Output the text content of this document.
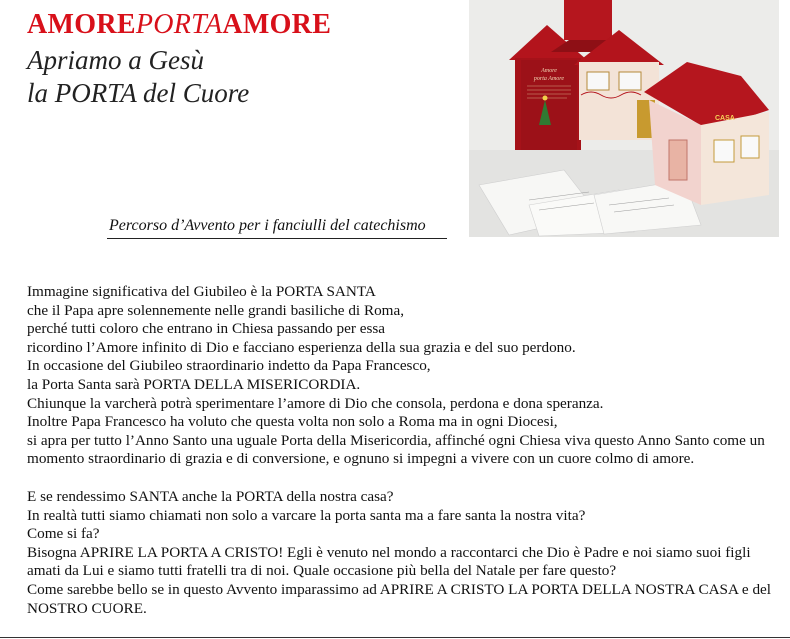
AMOREPORTAAMORE
Apriamo a Gesù
la PORTA del Cuore
Percorso d’Avvento per i fanciulli del catechismo
Amore
porta Amore
CASA

Immagine significativa del Giubileo è la PORTA SANTA

che il Papa apre solennemente nelle grandi basiliche di Roma,

perché tutti coloro che entrano in Chiesa passando per essa

ricordino l’Amore infinito di Dio e facciano esperienza della sua grazia e del suo perdono.

In occasione del Giubileo straordinario indetto da Papa Francesco,

la Porta Santa sarà PORTA DELLA MISERICORDIA.

Chiunque la varcherà potrà sperimentare l’amore di Dio che consola, perdona e dona speranza.

Inoltre Papa Francesco ha voluto che questa volta non solo a Roma ma in ogni Diocesi,

si apra per tutto l’Anno Santo una uguale Porta della Misericordia, affinché ogni Chiesa viva questo Anno Santo come un momento straordinario di grazia e di conversione, e ognuno si impegni a vivere con un cuore colmo di amore.

E se rendessimo SANTA anche la PORTA della nostra casa?

In realtà tutti siamo chiamati non solo a varcare la porta santa ma a fare santa la nostra vita?

Come si fa?

Bisogna APRIRE LA PORTA A CRISTO! Egli è venuto nel mondo a raccontarci che Dio è Padre e noi siamo suoi figli amati da Lui e siamo tutti fratelli tra di noi. Quale occasione più bella del Natale per fare questo?

Come sarebbe bello se in questo Avvento imparassimo ad APRIRE A CRISTO LA PORTA DELLA NOSTRA CASA e del NOSTRO CUORE.
